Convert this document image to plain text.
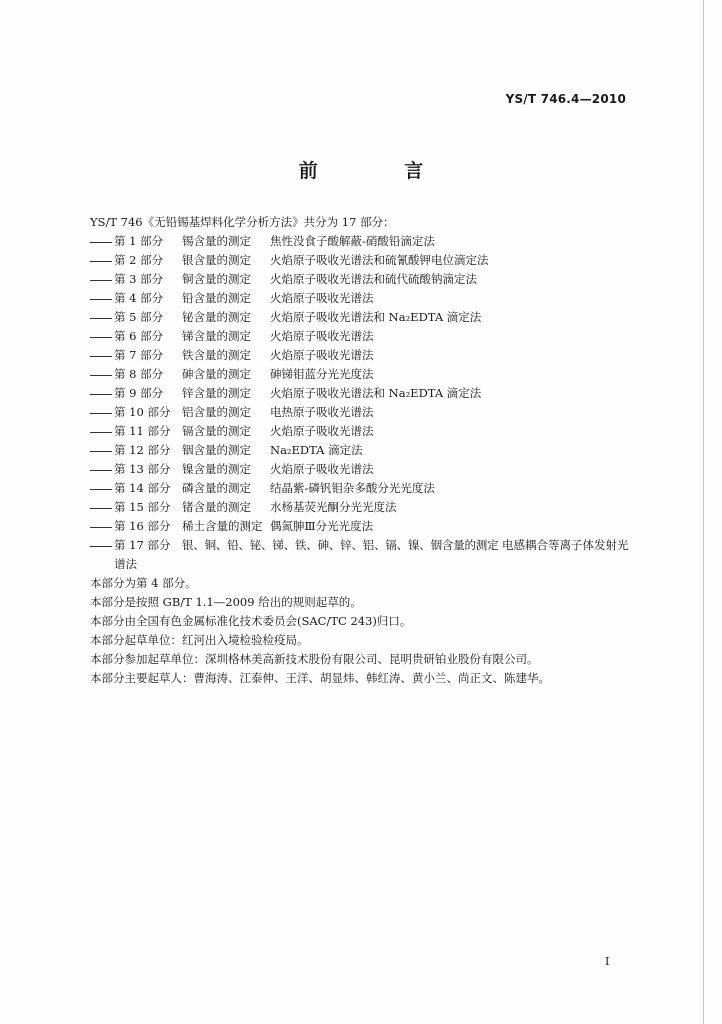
YS/T 746.4—2010
前 言
YS/T 746《无铅锡基焊料化学分析方法》共分为 17 部分：
第 1 部分	锡含量的测定	焦性没食子酸解蔽-硝酸铅滴定法
第 2 部分	银含量的测定	火焰原子吸收光谱法和硫氰酸钾电位滴定法
第 3 部分	铜含量的测定	火焰原子吸收光谱法和硫代硫酸钠滴定法
第 4 部分	铅含量的测定	火焰原子吸收光谱法
第 5 部分	铋含量的测定	火焰原子吸收光谱法和 Na₂EDTA 滴定法
第 6 部分	锑含量的测定	火焰原子吸收光谱法
第 7 部分	铁含量的测定	火焰原子吸收光谱法
第 8 部分	砷含量的测定	砷锑钼蓝分光光度法
第 9 部分	锌含量的测定	火焰原子吸收光谱法和 Na₂EDTA 滴定法
第 10 部分	铝含量的测定	电热原子吸收光谱法
第 11 部分	镉含量的测定	火焰原子吸收光谱法
第 12 部分	铟含量的测定	Na₂EDTA 滴定法
第 13 部分	镍含量的测定	火焰原子吸收光谱法
第 14 部分	磷含量的测定	结晶紫-磷钒钼杂多酸分光光度法
第 15 部分	锗含量的测定	水杨基荧光酮分光光度法
第 16 部分	稀土含量的测定 偶氮胂Ⅲ分光光度法
第 17 部分	银、铜、铅、铋、锑、铁、砷、锌、铝、镉、镍、铟含量的测定 电感耦合等离子体发射光
谱法
本部分为第 4 部分。
本部分是按照 GB/T 1.1—2009 给出的规则起草的。
本部分由全国有色金属标准化技术委员会(SAC/TC 243)归口。
本部分起草单位：红河出入境检验检疫局。
本部分参加起草单位：深圳格林美高新技术股份有限公司、昆明贵研铂业股份有限公司。
本部分主要起草人：曹海涛、江泰伸、王洋、胡显炜、韩红涛、黄小兰、尚正文、陈建华。
Ⅰ
